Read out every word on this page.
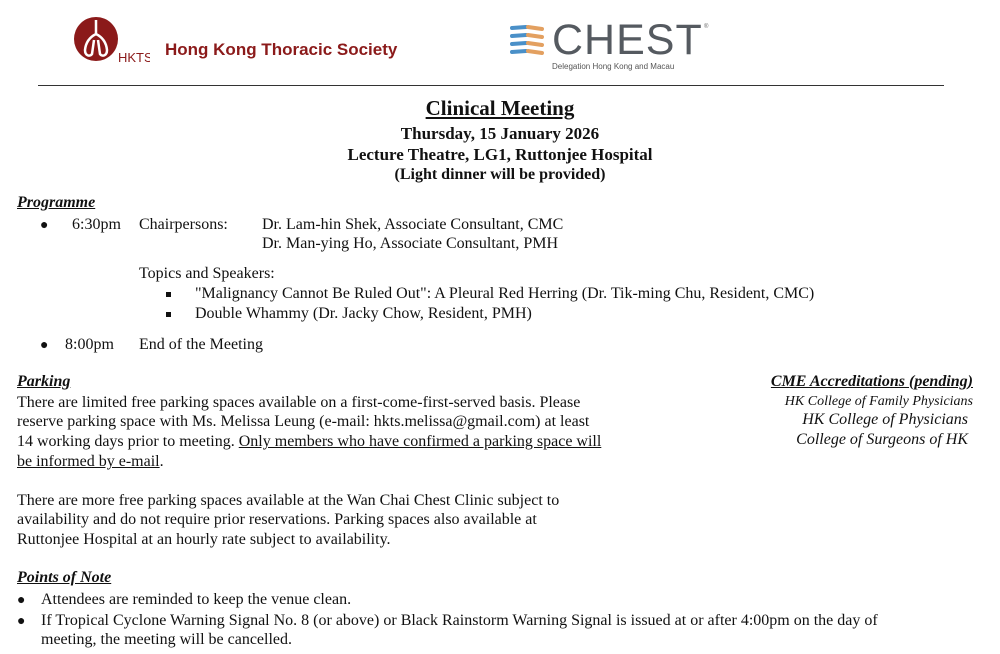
HKTS Hong Kong Thoracic Society	CHEST ®
Delegation Hong Kong and Macau
Clinical Meeting
Thursday, 15 January 2026
Lecture Theatre, LG1, Ruttonjee Hospital
(Light dinner will be provided)
Programme
● 6:30pm Chairpersons: Dr. Lam-hin Shek, Associate Consultant, CMC
Dr. Man-ying Ho, Associate Consultant, PMH
Topics and Speakers:
"Malignancy Cannot Be Ruled Out": A Pleural Red Herring (Dr. Tik-ming Chu, Resident, CMC)
Double Whammy (Dr. Jacky Chow, Resident, PMH)
● 8:00pm End of the Meeting
Parking
There are limited free parking spaces available on a first-come-first-served basis. Please
reserve parking space with Ms. Melissa Leung (e-mail: hkts.melissa@gmail.com) at least
14 working days prior to meeting. Only members who have confirmed a parking space will
be informed by e-mail.
There are more free parking spaces available at the Wan Chai Chest Clinic subject to
availability and do not require prior reservations. Parking spaces also available at
Ruttonjee Hospital at an hourly rate subject to availability.
CME Accreditations (pending)
HK College of Family Physicians
HK College of Physicians
College of Surgeons of HK
Points of Note
● Attendees are reminded to keep the venue clean.
● If Tropical Cyclone Warning Signal No. 8 (or above) or Black Rainstorm Warning Signal is issued at or after 4:00pm on the day of
meeting, the meeting will be cancelled.
